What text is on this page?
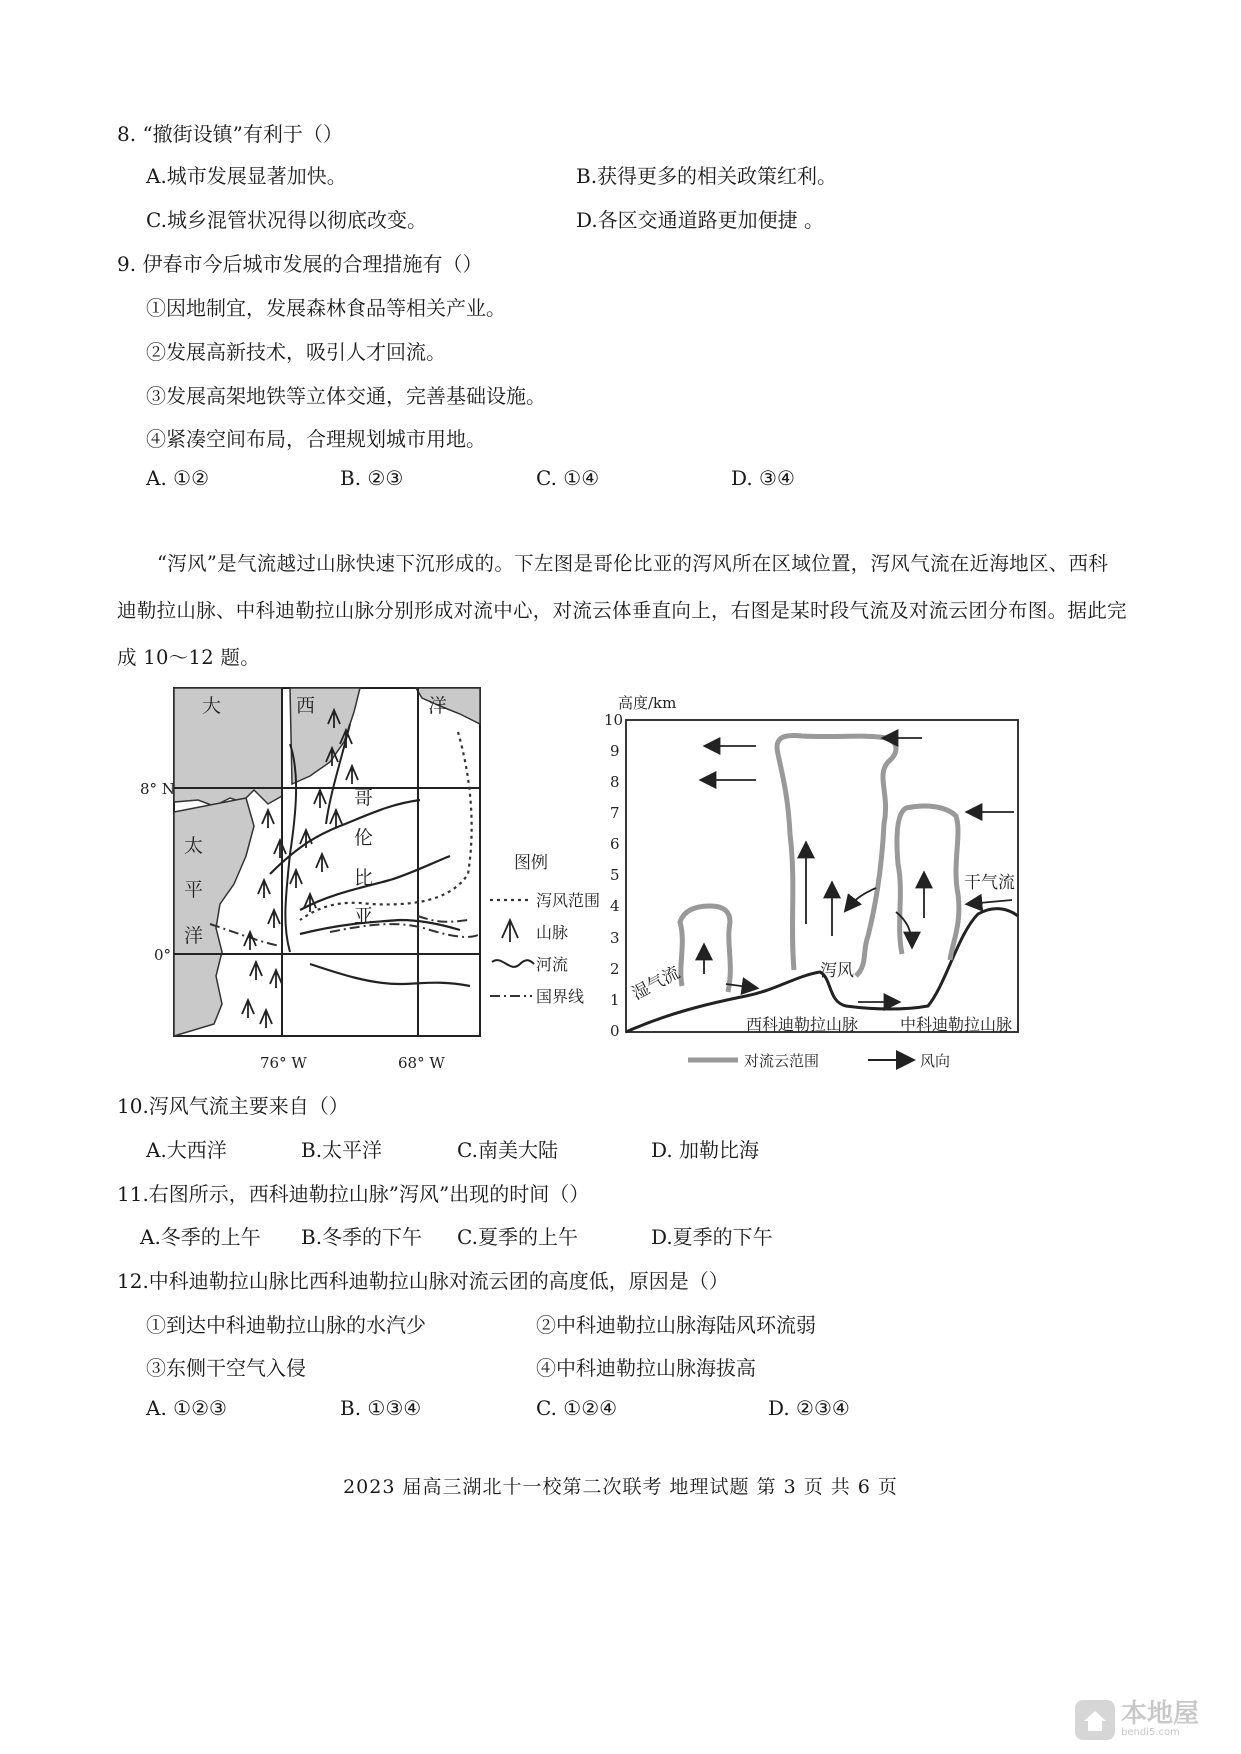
8. “撤街设镇”有利于（）
A.城市发展显著加快。	B.获得更多的相关政策红利。
C.城乡混管状况得以彻底改变。	D.各区交通道路更加便捷 。
9. 伊春市今后城市发展的合理措施有（）
①因地制宜，发展森林食品等相关产业。
②发展高新技术，吸引人才回流。
③发展高架地铁等立体交通，完善基础设施。
④紧凑空间布局，合理规划城市用地。
A. ①②	B. ②③	C. ①④	D. ③④
“泻风”是气流越过山脉快速下沉形成的。下左图是哥伦比亚的泻风所在区域位置，泻风气流在近海地区、西科迪勒拉山脉、中科迪勒拉山脉分别形成对流中心，对流云体垂直向上，右图是某时段气流及对流云团分布图。据此完成 10～12 题。
大	西	洋
8° N
0°
太
平
洋
哥
伦
比
亚
76° W	68° W
图例
泻风范围
山脉
河流
国界线
高度/km
0
1
2
3
4
5
6
7
8
9
10
湿气流
干气流
泻风
西科迪勒拉山脉	中科迪勒拉山脉
对流云范围	风向
10.泻风气流主要来自（）
A.大西洋	B.太平洋	C.南美大陆	D. 加勒比海
11.右图所示，西科迪勒拉山脉”泻风”出现的时间（）
A.冬季的上午 B.冬季的下午 C.夏季的上午	D.夏季的下午
12.中科迪勒拉山脉比西科迪勒拉山脉对流云团的高度低，原因是（）
①到达中科迪勒拉山脉的水汽少	②中科迪勒拉山脉海陆风环流弱
③东侧干空气入侵	④中科迪勒拉山脉海拔高
A. ①②③	B. ①③④	C. ①②④	D. ②③④
2023 届高三湖北十一校第二次联考 地理试题 第 3 页 共 6 页
本地屋
bendi5.com
